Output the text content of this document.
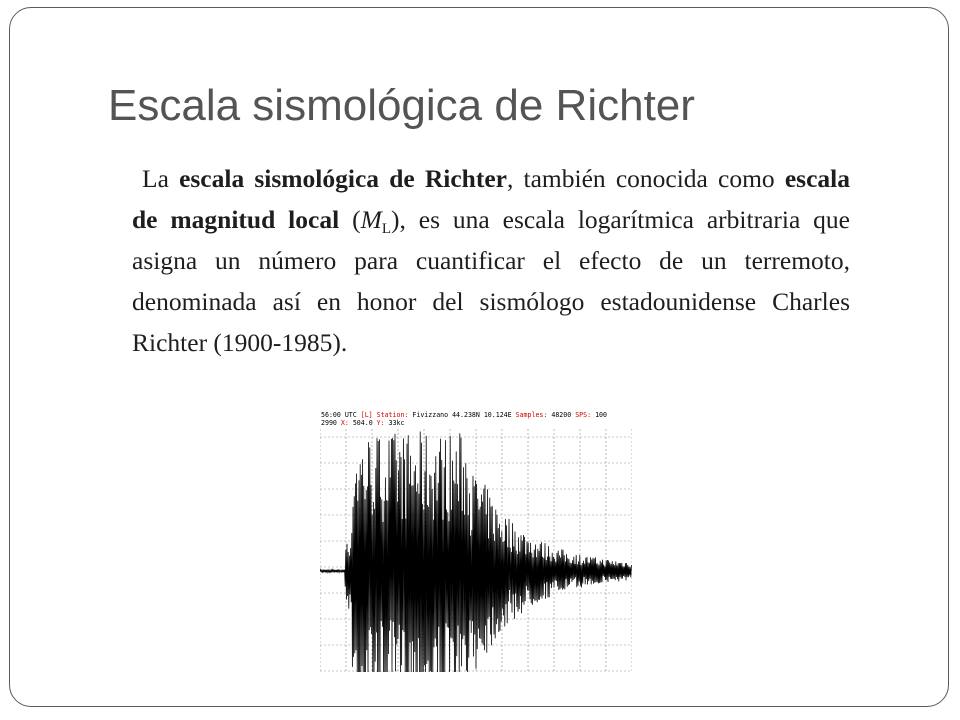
Escala sismológica de Richter

La escala sismológica de Richter, también conocida como escala de magnitud local $(M_L)$, es una escala logarítmica arbitraria que asigna un número para cuantificar el efecto de un terremoto, denominada así en honor del sismólogo estadounidense Charles Richter (1900-1985).

56:00 UTC [L] Station: Fivizzano 44.238N 10.124E Samples: 48200 SPS: 100
2990 X: 504.0 Y: 33kc
